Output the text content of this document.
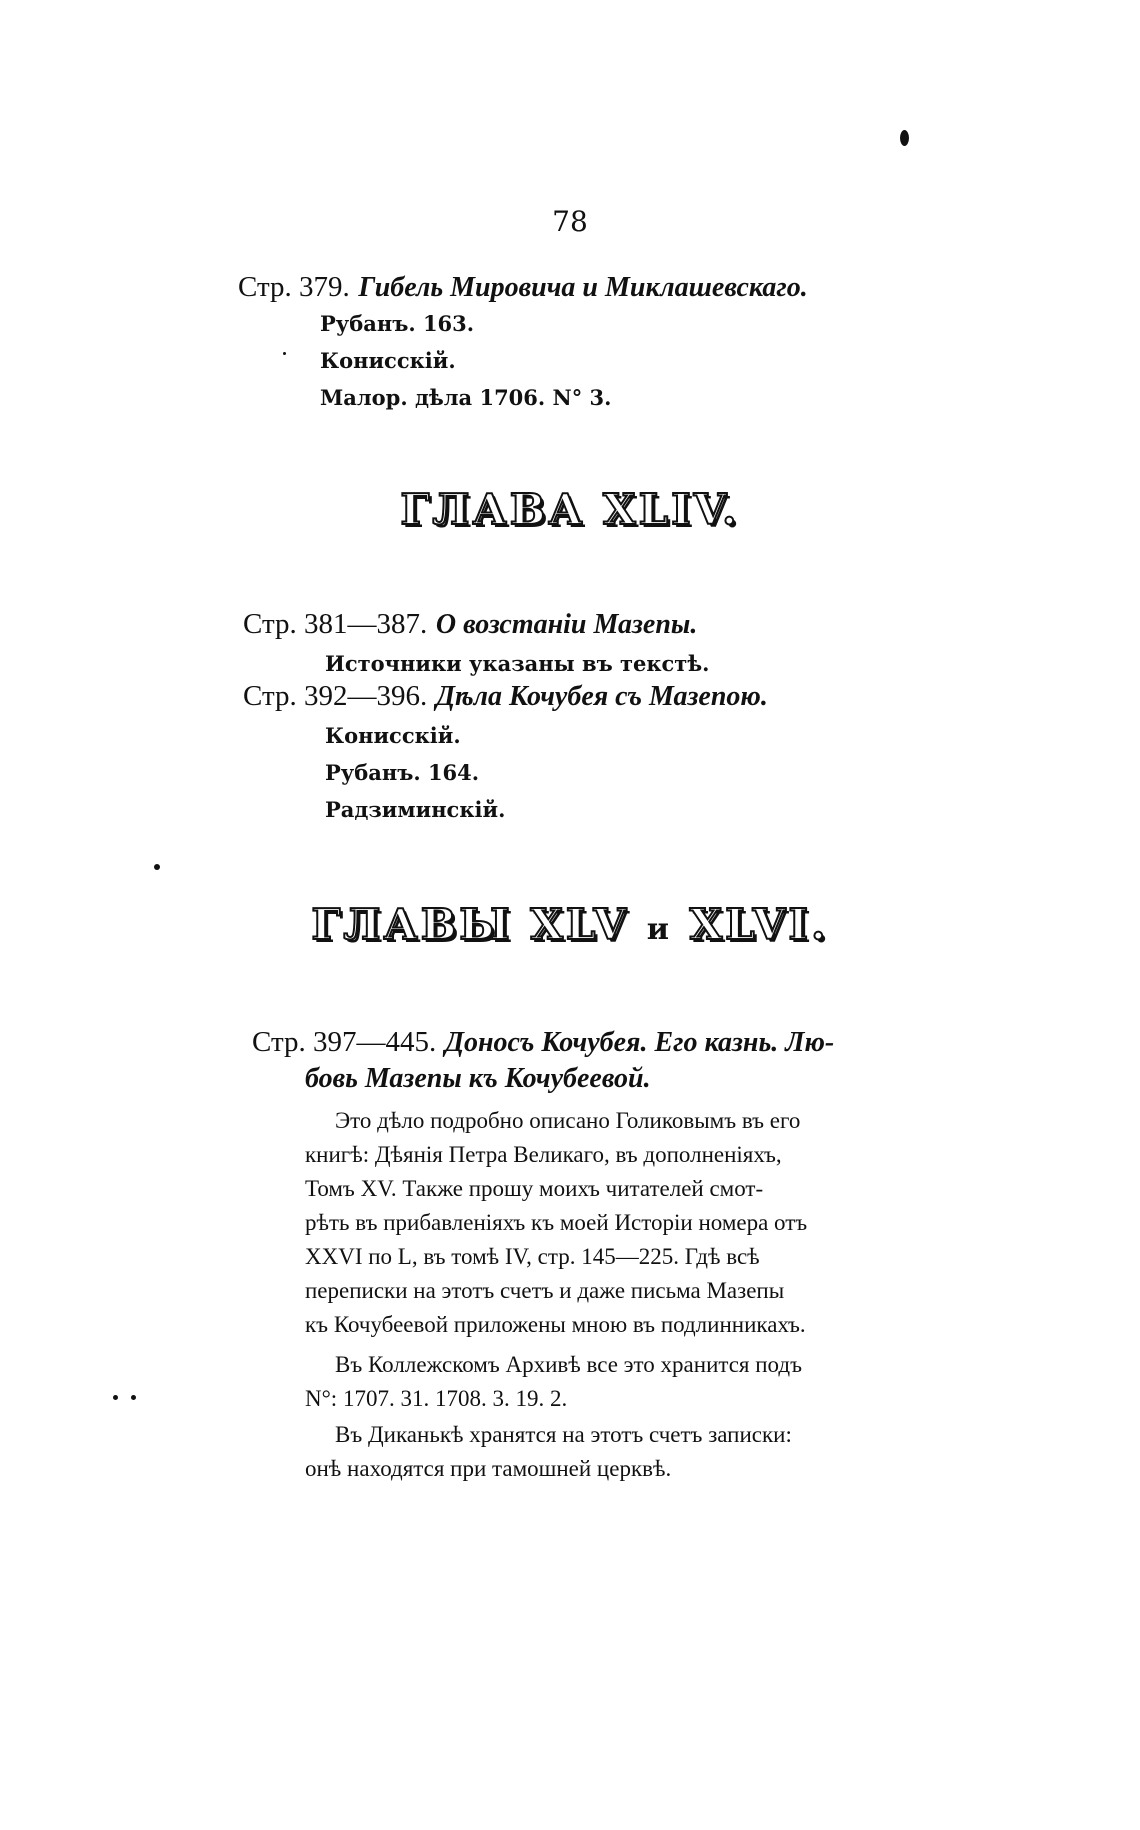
78
Стр. 379. Гибель Мировича и Миклашевскаго.
Рубанъ. 163.
Конисскій.
Малор. дѣла 1706. N° 3.
ГЛАВА XLIV.
Стр. 381—387. О возстаніи Мазепы.
Источники указаны въ текстѣ.
Стр. 392—396. Дѣла Кочубея съ Мазепою.
Конисскій.
Рубанъ. 164.
Радзиминскій.
ГЛАВЫ XLV и XLVI.
Стр. 397—445. Доносъ Кочубея. Его казнь. Лю-
бовь Мазепы къ Кочубеевой.
Это дѣло подробно описано Голиковымъ въ его
книгѣ: Дѣянія Петра Великаго, въ дополненіяхъ,
Томъ XV. Также прошу моихъ читателей смот-
рѣть въ прибавленіяхъ къ моей Исторіи номера отъ
XXVI по L, въ томѣ IV, стр. 145—225. Гдѣ всѣ
переписки на этотъ счетъ и даже письма Мазепы
къ Кочубеевой приложены мною въ подлинникахъ.
Въ Коллежскомъ Архивѣ все это хранится подъ
N°: 1707. 31. 1708. 3. 19. 2.
Въ Диканькѣ хранятся на этотъ счетъ записки:
онѣ находятся при тамошней церквѣ.
